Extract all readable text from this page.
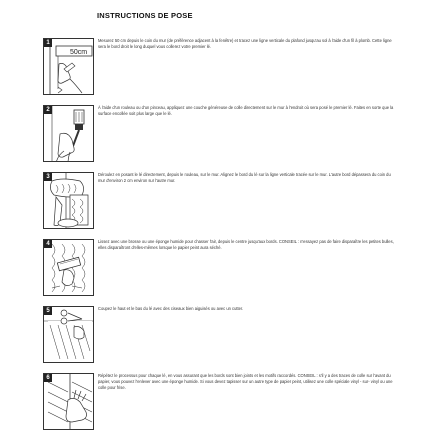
INSTRUCTIONS DE POSE
1
50cm
Mesurez 50 cm depuis le coin du mur (de préférence adjacent à la fenêtre) et tracez une ligne verticale du plafond jusqu'au sol à l'aide d'un fil à plomb. Cette ligne sera le bord droit le long duquel vous collerez votre premier lé.
2	À l'aide d'un rouleau ou d'un pinceau, appliquez une couche généreuse de colle directement sur le mur à l'endroit où sera posé le premier lé. Faites en sorte que la surface encollée soit plus large que le lé.
3	Déroulez en posant le lé directement, depuis le rouleau, sur le mur. Alignez le bord du lé sur la ligne verticale tracée sur le mur. L'autre bord dépassera du coin du mur d'environ 2 cm environ sur l'autre mur.
4	Lissez avec une brosse ou une éponge humide pour chasser l'air, depuis le centre jusqu'aux bords. CONSEIL : n'essayez pas de faire disparaître les petites bulles, elles disparaîtront d'elles-mêmes lorsque le papier peint aura séché.
5	Coupez le haut et le bas du lé avec des ciseaux bien aiguisés ou avec un cutter.
6	Répétez le processus pour chaque lé, en vous assurant que les bords sont bien joints et les motifs raccordés. CONSEIL : s'il y a des traces de colle sur l'avant du papier, vous pouvez l'enlever avec une éponge humide. Si vous devez tapisser sur un autre type de papier peint, utilisez une colle spéciale vinyl - sur- vinyl ou une colle pour frise.
